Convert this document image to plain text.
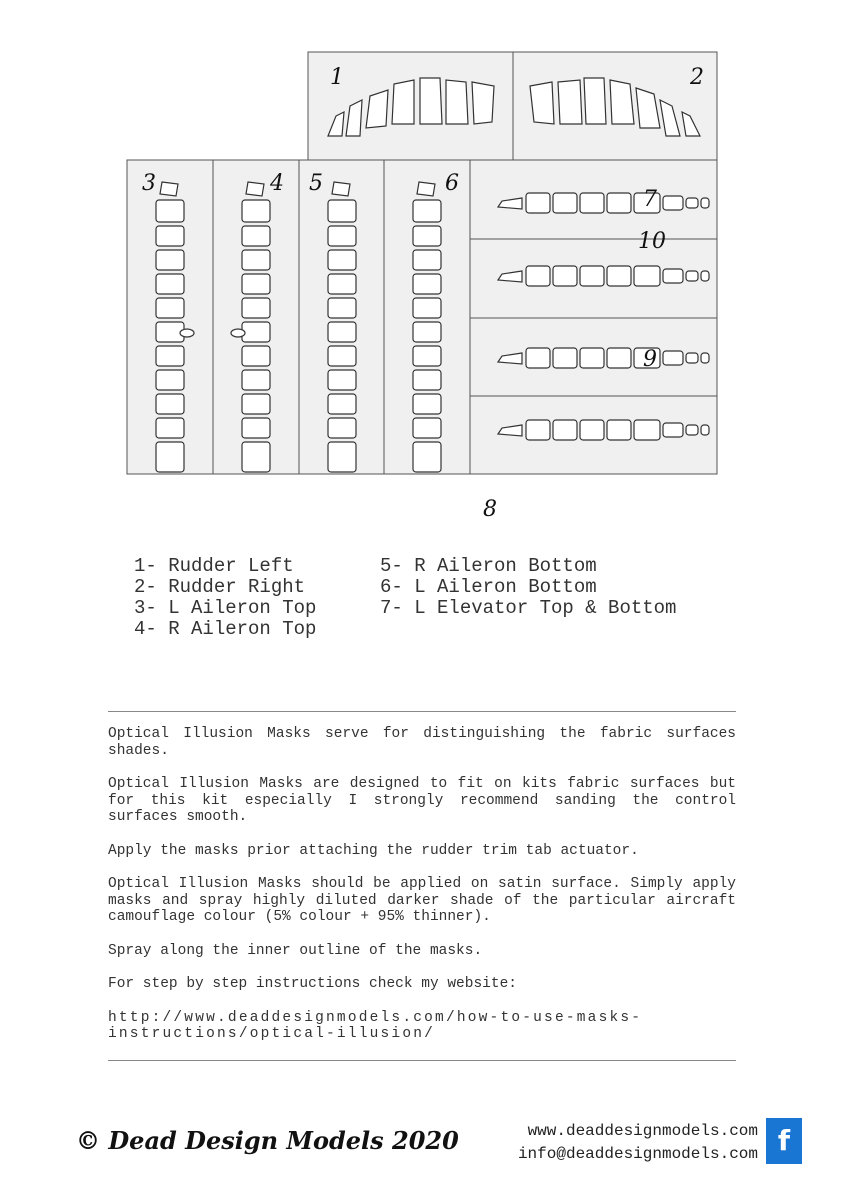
1	2
3	4 5	6
7
10
9
8
1- Rudder Left
2- Rudder Right
3- L Aileron Top
4- R Aileron Top
5- R Aileron Bottom
6- L Aileron Bottom
7- L Elevator Top & Bottom

Optical Illusion Masks serve for distinguishing the fabric surfaces shades.

Optical Illusion Masks are designed to fit on kits fabric surfaces but for this kit especially I strongly recommend sanding the control surfaces smooth.

Apply the masks prior attaching the rudder trim tab actuator.

Optical Illusion Masks should be applied on satin surface. Simply apply masks and spray highly diluted darker shade of the particular aircraft camouflage colour (5% colour + 95% thinner).

Spray along the inner outline of the masks.

For step by step instructions check my website:

http://www.deaddesignmodels.com/how-to-use-masks-instructions/optical-illusion/

© Dead Design Models 2020	www.deaddesignmodels.com
info@deaddesignmodels.com f
